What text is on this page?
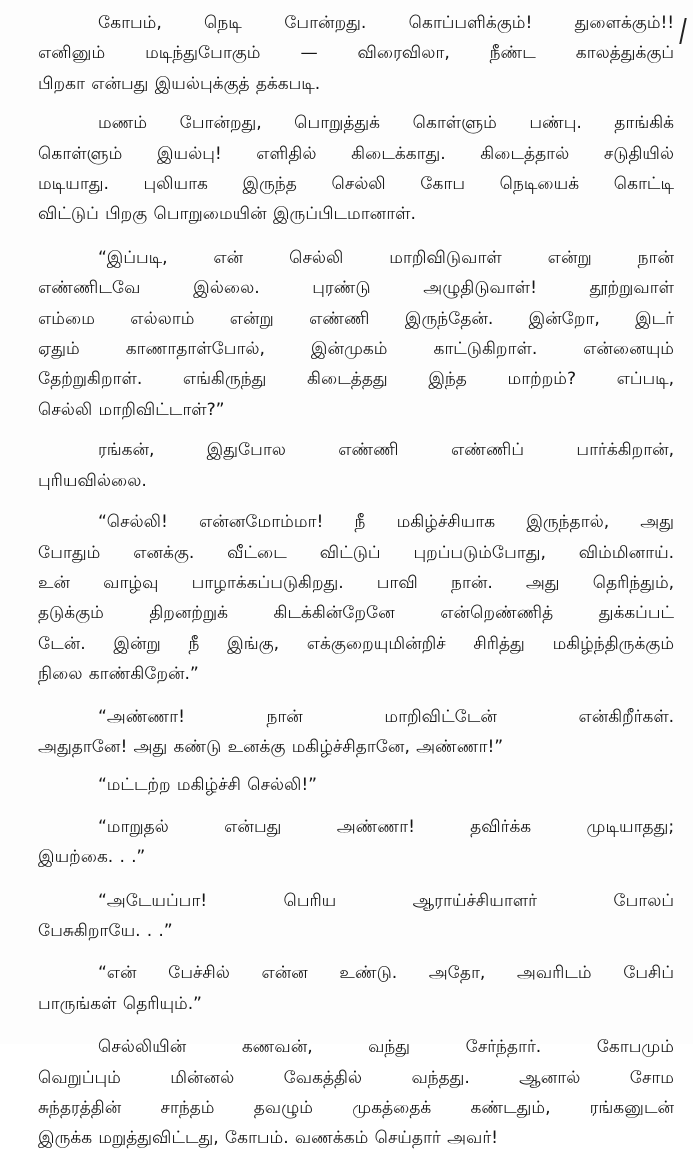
கோபம், நெடி போன்றது. கொப்பளிக்கும்! துளைக்கும்!!
எனினும் மடிந்துபோகும் — விரைவிலா, நீண்ட காலத்துக்குப்
பிறகா என்பது இயல்புக்குத் தக்கபடி.

மணம் போன்றது, பொறுத்துக் கொள்ளும் பண்பு. தாங்கிக்
கொள்ளும் இயல்பு! எளிதில் கிடைக்காது. கிடைத்தால் சடுதியில்
மடியாது. புலியாக இருந்த செல்லி கோப நெடியைக் கொட்டி
விட்டுப் பிறகு பொறுமையின் இருப்பிடமானாள்.

“இப்படி, என் செல்லி மாறிவிடுவாள் என்று நான்
எண்ணிடவே இல்லை. புரண்டு அழுதிடுவாள்! தூற்றுவாள்
எம்மை எல்லாம் என்று எண்ணி இருந்தேன். இன்றோ, இடர்
ஏதும் காணாதாள்போல், இன்முகம் காட்டுகிறாள். என்னையும்
தேற்றுகிறாள். எங்கிருந்து கிடைத்தது இந்த மாற்றம்? எப்படி,
செல்லி மாறிவிட்டாள்?”

ரங்கன், இதுபோல எண்ணி எண்ணிப் பார்க்கிறான்,
புரியவில்லை.

“செல்லி! என்னமோம்மா! நீ மகிழ்ச்சியாக இருந்தால், அது
போதும் எனக்கு. வீட்டை விட்டுப் புறப்படும்போது, விம்மினாய்.
உன் வாழ்வு பாழாக்கப்படுகிறது. பாவி நான். அது தெரிந்தும்,
தடுக்கும் திறனற்றுக் கிடக்கின்றேனே என்றெண்ணித் துக்கப்பட்
டேன். இன்று நீ இங்கு, எக்குறையுமின்றிச் சிரித்து மகிழ்ந்திருக்கும்
நிலை காண்கிறேன்.”

“அண்ணா! நான் மாறிவிட்டேன் என்கிறீர்கள்.
அதுதானே! அது கண்டு உனக்கு மகிழ்ச்சிதானே, அண்ணா!”

“மட்டற்ற மகிழ்ச்சி செல்லி!”

“மாறுதல் என்பது அண்ணா! தவிர்க்க முடியாதது;
இயற்கை. . .”

“அடேயப்பா! பெரிய ஆராய்ச்சியாளர் போலப்
பேசுகிறாயே. . .”

“என் பேச்சில் என்ன உண்டு. அதோ, அவரிடம் பேசிப்
பாருங்கள் தெரியும்.”

செல்லியின் கணவன், வந்து சேர்ந்தார். கோபமும்
வெறுப்பும் மின்னல் வேகத்தில் வந்தது. ஆனால் சோம
சுந்தரத்தின் சாந்தம் தவழும் முகத்தைக் கண்டதும், ரங்கனுடன்
இருக்க மறுத்துவிட்டது, கோபம். வணக்கம் செய்தார் அவர்!
